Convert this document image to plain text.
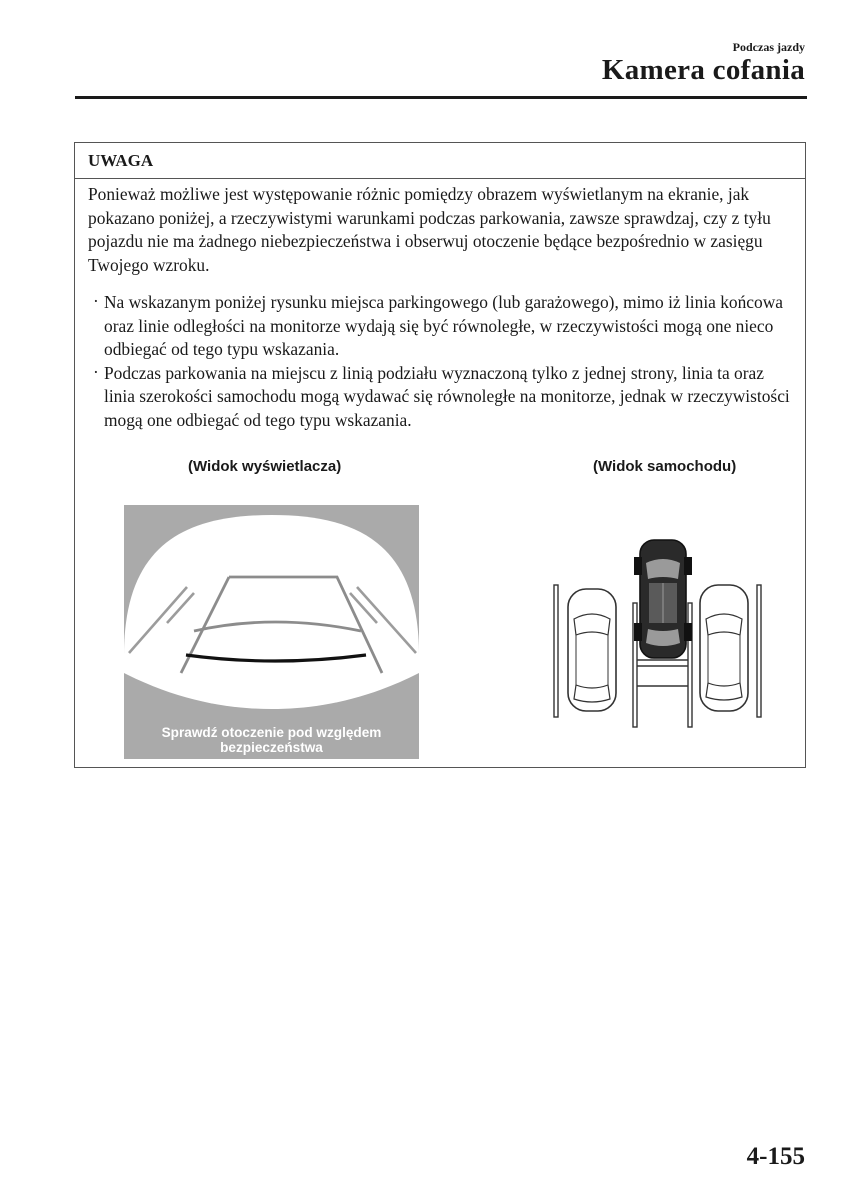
Podczas jazdy
Kamera cofania
UWAGA

Ponieważ możliwe jest występowanie różnic pomiędzy obrazem wyświetlanym na ekranie, jak pokazano poniżej, a rzeczywistymi warunkami podczas parkowania, zawsze sprawdzaj, czy z tyłu pojazdu nie ma żadnego niebezpieczeństwa i obserwuj otoczenie będące bezpośrednio w zasięgu Twojego wzroku.

· Na wskazanym poniżej rysunku miejsca parkingowego (lub garażowego), mimo iż linia końcowa oraz linie odległości na monitorze wydają się być równoległe, w rzeczywistości mogą one nieco odbiegać od tego typu wskazania.
· Podczas parkowania na miejscu z linią podziału wyznaczoną tylko z jednej strony, linia ta oraz linia szerokości samochodu mogą wydawać się równoległe na monitorze, jednak w rzeczywistości mogą one odbiegać od tego typu wskazania.
(Widok wyświetlacza)	(Widok samochodu)
Sprawdź otoczenie pod względem bezpieczeństwa
4-155
